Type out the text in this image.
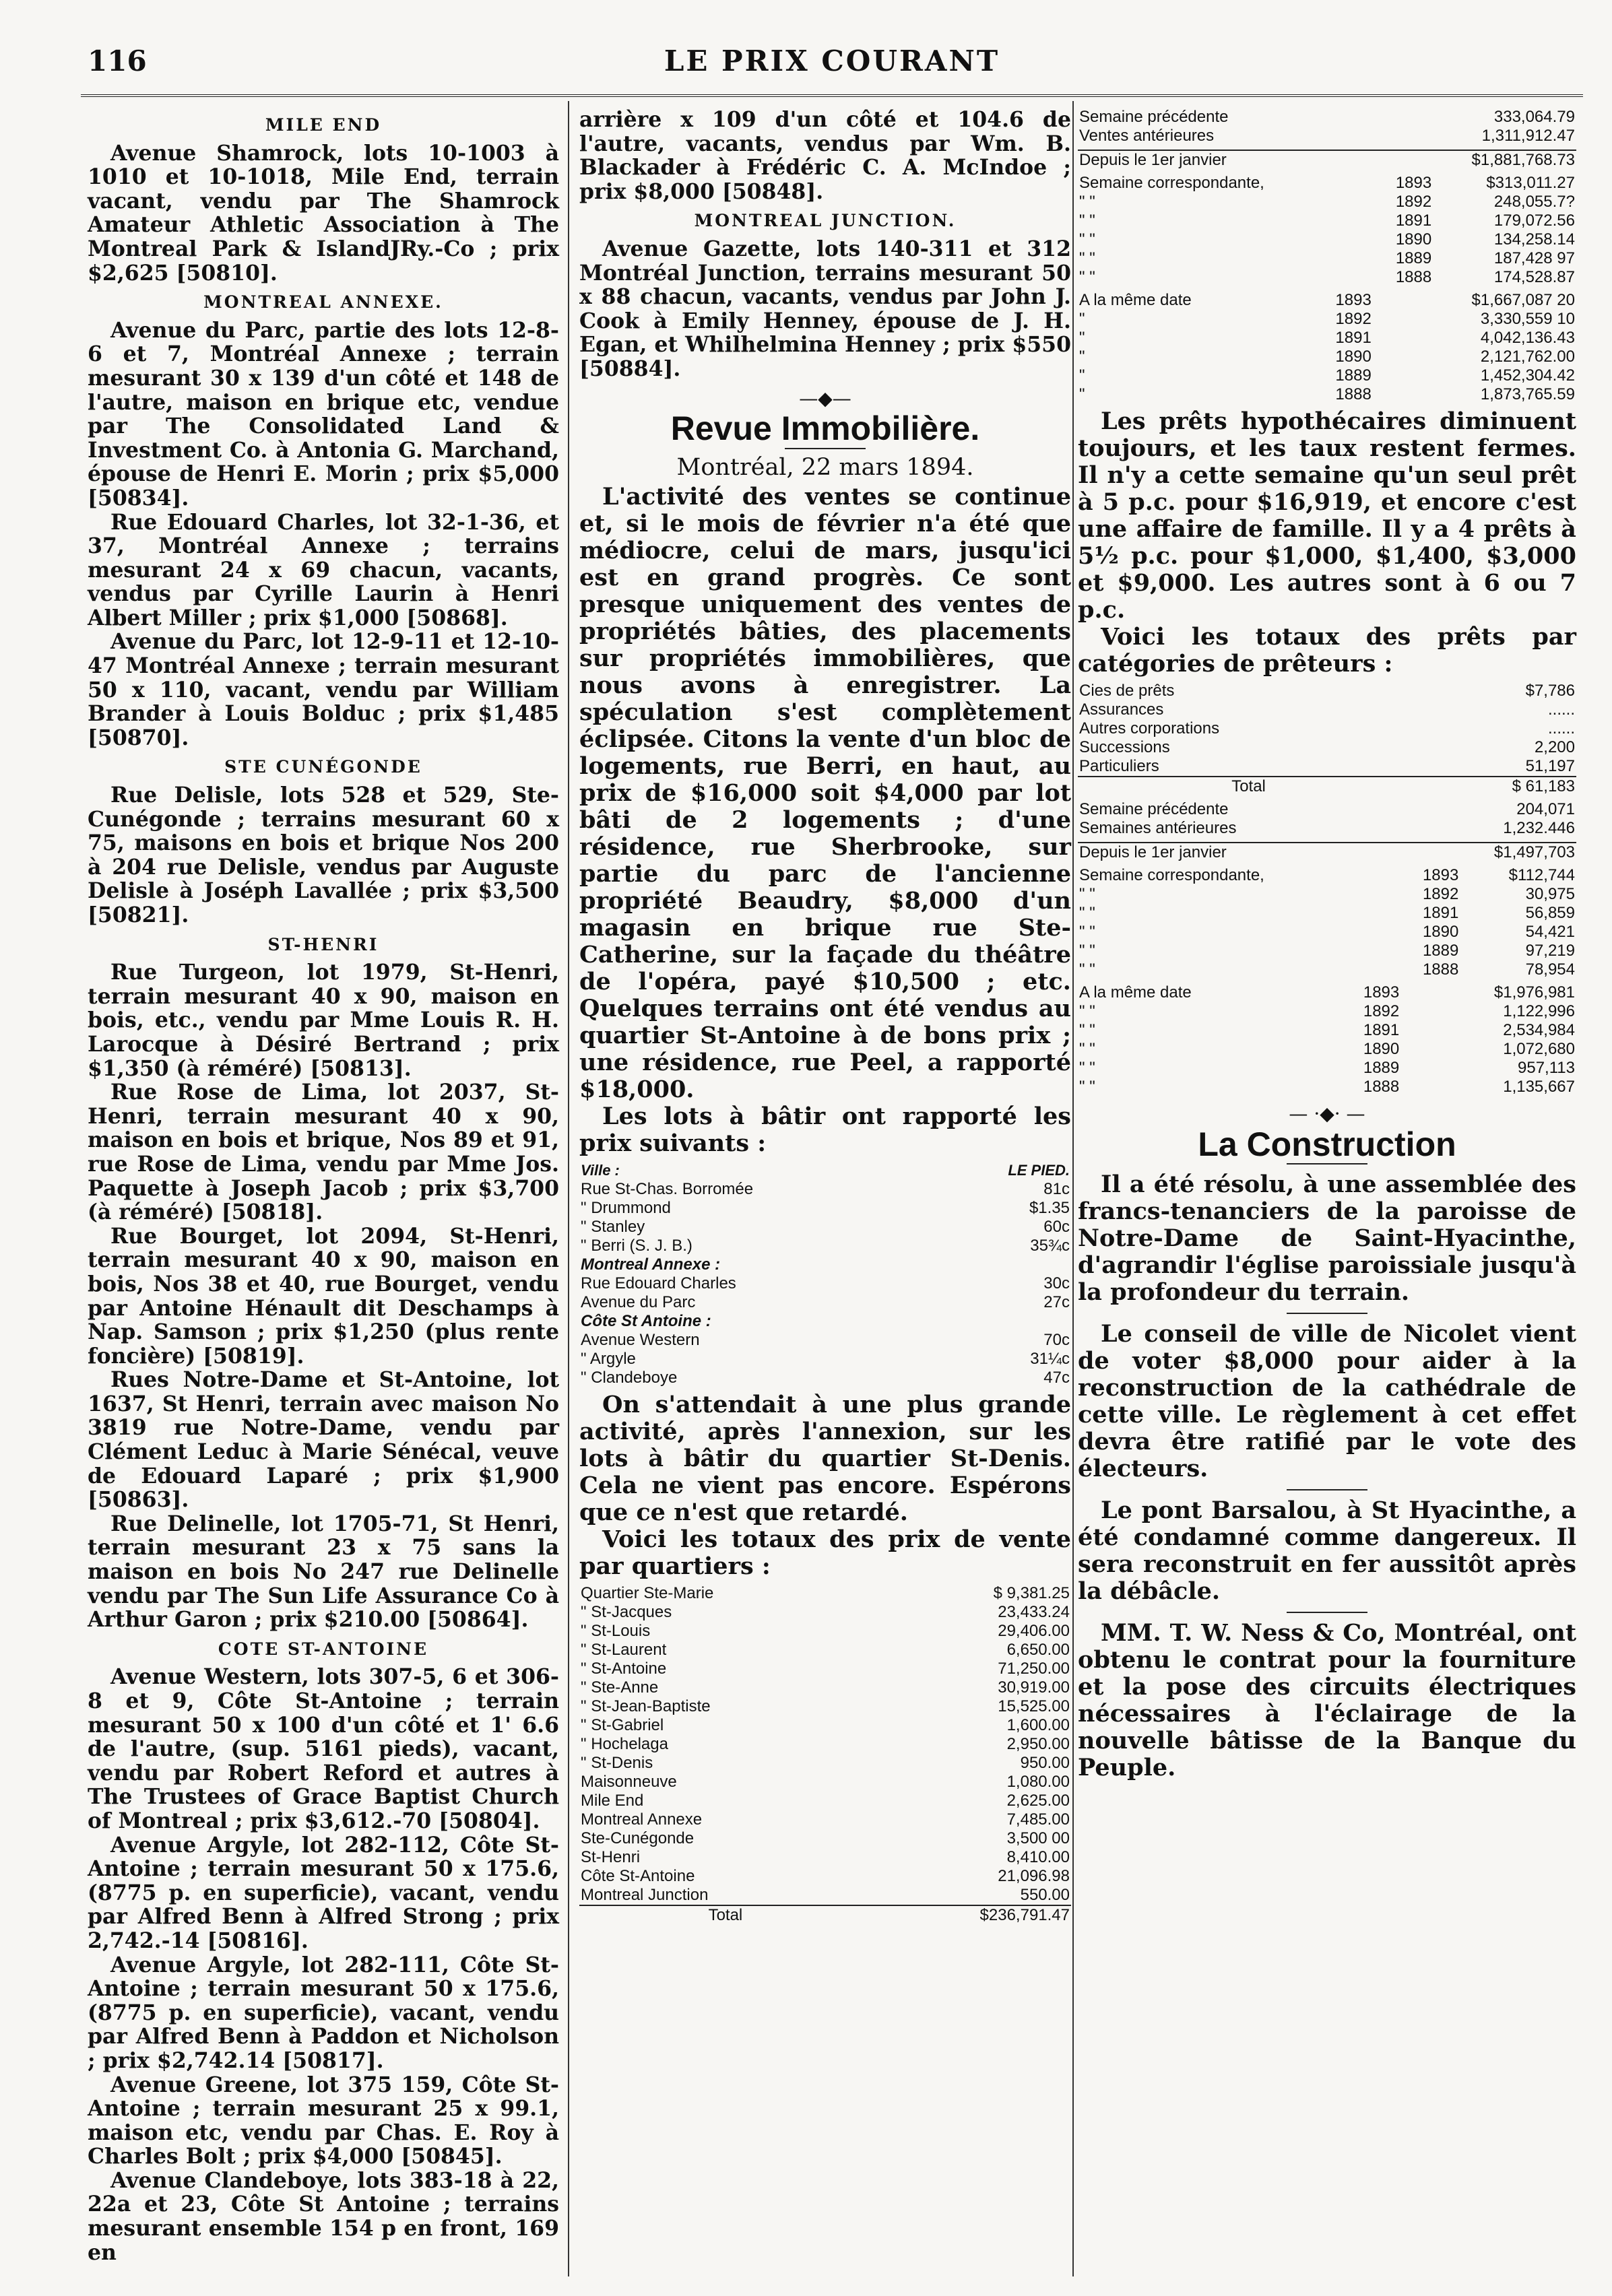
116	LE PRIX COURANT
MILE END

Avenue Shamrock, lots 10-1003 à 1010 et 10-1018, Mile End, terrain vacant, vendu par The Shamrock Amateur Athletic Association à The Montreal Park & IslandJRy.-Co ; prix $2,625 [50810].

MONTREAL ANNEXE.

Avenue du Parc, partie des lots 12-8-6 et 7, Montréal Annexe ; terrain mesurant 30 x 139 d'un côté et 148 de l'autre, maison en brique etc, vendue par The Consolidated Land & Investment Co. à Antonia G. Marchand, épouse de Henri E. Morin ; prix $5,000 [50834].

Rue Edouard Charles, lot 32-1-36, et 37, Montréal Annexe ; terrains mesurant 24 x 69 chacun, vacants, vendus par Cyrille Laurin à Henri Albert Miller ; prix $1,000 [50868].

Avenue du Parc, lot 12-9-11 et 12-10-47 Montréal Annexe ; terrain mesurant 50 x 110, vacant, vendu par William Brander à Louis Bolduc ; prix $1,485 [50870].

STE CUNÉGONDE

Rue Delisle, lots 528 et 529, Ste-Cunégonde ; terrains mesurant 60 x 75, maisons en bois et brique Nos 200 à 204 rue Delisle, vendus par Auguste Delisle à Joséph Lavallée ; prix $3,500 [50821].

ST-HENRI

Rue Turgeon, lot 1979, St-Henri, terrain mesurant 40 x 90, maison en bois, etc., vendu par Mme Louis R. H. Larocque à Désiré Bertrand ; prix $1,350 (à réméré) [50813].

Rue Rose de Lima, lot 2037, St-Henri, terrain mesurant 40 x 90, maison en bois et brique, Nos 89 et 91, rue Rose de Lima, vendu par Mme Jos. Paquette à Joseph Jacob ; prix $3,700 (à réméré) [50818].

Rue Bourget, lot 2094, St-Henri, terrain mesurant 40 x 90, maison en bois, Nos 38 et 40, rue Bourget, vendu par Antoine Hénault dit Deschamps à Nap. Samson ; prix $1,250 (plus rente foncière) [50819].

Rues Notre-Dame et St-Antoine, lot 1637, St Henri, terrain avec maison No 3819 rue Notre-Dame, vendu par Clément Leduc à Marie Sénécal, veuve de Edouard Laparé ; prix $1,900 [50863].

Rue Delinelle, lot 1705-71, St Henri, terrain mesurant 23 x 75 sans la maison en bois No 247 rue Delinelle vendu par The Sun Life Assurance Co à Arthur Garon ; prix $210.00 [50864].

COTE ST-ANTOINE

Avenue Western, lots 307-5, 6 et 306-8 et 9, Côte St-Antoine ; terrain mesurant 50 x 100 d'un côté et 1' 6.6 de l'autre, (sup. 5161 pieds), vacant, vendu par Robert Reford et autres à The Trustees of Grace Baptist Church of Montreal ; prix $3,612.-70 [50804].

Avenue Argyle, lot 282-112, Côte St-Antoine ; terrain mesurant 50 x 175.6, (8775 p. en superficie), vacant, vendu par Alfred Benn à Alfred Strong ; prix 2,742.-14 [50816].

Avenue Argyle, lot 282-111, Côte St-Antoine ; terrain mesurant 50 x 175.6, (8775 p. en superficie), vacant, vendu par Alfred Benn à Paddon et Nicholson ; prix $2,742.14 [50817].

Avenue Greene, lot 375 159, Côte St-Antoine ; terrain mesurant 25 x 99.1, maison etc, vendu par Chas. E. Roy à Charles Bolt ; prix $4,000 [50845].

Avenue Clandeboye, lots 383-18 à 22, 22a et 23, Côte St Antoine ; terrains mesurant ensemble 154 p en front, 169 en

arrière x 109 d'un côté et 104.6 de l'autre, vacants, vendus par Wm. B. Blackader à Frédéric C. A. McIndoe ; prix $8,000 [50848].

MONTREAL JUNCTION.

Avenue Gazette, lots 140-311 et 312 Montréal Junction, terrains mesurant 50 x 88 chacun, vacants, vendus par John J. Cook à Emily Henney, épouse de J. H. Egan, et Whilhelmina Henney ; prix $550 [50884].

—◆—
Revue Immobilière.
Montréal, 22 mars 1894.

L'activité des ventes se continue et, si le mois de février n'a été que médiocre, celui de mars, jusqu'ici est en grand progrès. Ce sont presque uniquement des ventes de propriétés bâties, des placements sur propriétés immobilières, que nous avons à enregistrer. La spéculation s'est complètement éclipsée. Citons la vente d'un bloc de logements, rue Berri, en haut, au prix de $16,000 soit $4,000 par lot bâti de 2 logements ; d'une résidence, rue Sherbrooke, sur partie du parc de l'ancienne propriété Beaudry, $8,000 d'un magasin en brique rue Ste-Catherine, sur la façade du théâtre de l'opéra, payé $10,500 ; etc. Quelques terrains ont été vendus au quartier St-Antoine à de bons prix ; une résidence, rue Peel, a rapporté $18,000.

Les lots à bâtir ont rapporté les prix suivants :

Ville :	LE PIED.
Rue St-Chas. Borromée	81c
" Drummond	$1.35
" Stanley	60c
" Berri (S. J. B.)	35¾c
Montreal Annexe :	
Rue Edouard Charles	30c
Avenue du Parc	27c
Côte St Antoine :	
Avenue Western	70c
" Argyle	31¼c
" Clandeboye	47c

On s'attendait à une plus grande activité, après l'annexion, sur les lots à bâtir du quartier St-Denis. Cela ne vient pas encore. Espérons que ce n'est que retardé.

Voici les totaux des prix de vente par quartiers :

Quartier Ste-Marie	$ 9,381.25
" St-Jacques	23,433.24
" St-Louis	29,406.00
" St-Laurent	6,650.00
" St-Antoine	71,250.00
" Ste-Anne	30,919.00
" St-Jean-Baptiste	15,525.00
" St-Gabriel	1,600.00
" Hochelaga	2,950.00
" St-Denis	950.00
Maisonneuve	1,080.00
Mile End	2,625.00
Montreal Annexe	7,485.00
Ste-Cunégonde	3,500 00
St-Henri	8,410.00
Côte St-Antoine	21,096.98
Montreal Junction	550.00
Total	$236,791.47
Semaine précédente	333,064.79
Ventes antérieures	1,311,912.47
Depuis le 1er janvier	$1,881,768.73
Semaine correspondante,	1893	$313,011.27
" "	1892	248,055.7?
" "	1891	179,072.56
" "	1890	134,258.14
" "	1889	187,428 97
" "	1888	174,528.87
A la même date	1893	$1,667,087 20
"	1892	3,330,559 10
"	1891	4,042,136.43
"	1890	2,121,762.00
"	1889	1,452,304.42
"	1888	1,873,765.59

Les prêts hypothécaires diminuent toujours, et les taux restent fermes. Il n'y a cette semaine qu'un seul prêt à 5 p.c. pour $16,919, et encore c'est une affaire de famille. Il y a 4 prêts à 5½ p.c. pour $1,000, $1,400, $3,000 et $9,000. Les autres sont à 6 ou 7 p.c.

Voici les totaux des prêts par catégories de prêteurs :

Cies de prêts	$7,786
Assurances	......
Autres corporations	......
Successions	2,200
Particuliers	51,197
Total	$ 61,183
Semaine précédente	204,071
Semaines antérieures	1,232.446
Depuis le 1er janvier	$1,497,703
Semaine correspondante,	1893	$112,744
" "	1892	30,975
" "	1891	56,859
" "	1890	54,421
" "	1889	97,219
" "	1888	78,954
A la même date	1893	$1,976,981
" "	1892	1,122,996
" "	1891	2,534,984
" "	1890	1,072,680
" "	1889	957,113
" "	1888	1,135,667
— ·◆· —
La Construction

Il a été résolu, à une assemblée des francs-tenanciers de la paroisse de Notre-Dame de Saint-Hyacinthe, d'agrandir l'église paroissiale jusqu'à la profondeur du terrain.

Le conseil de ville de Nicolet vient de voter $8,000 pour aider à la reconstruction de la cathédrale de cette ville. Le règlement à cet effet devra être ratifié par le vote des électeurs.

Le pont Barsalou, à St Hyacinthe, a été condamné comme dangereux. Il sera reconstruit en fer aussitôt après la débâcle.

MM. T. W. Ness & Co, Montréal, ont obtenu le contrat pour la fourniture et la pose des circuits électriques nécessaires à l'éclairage de la nouvelle bâtisse de la Banque du Peuple.
